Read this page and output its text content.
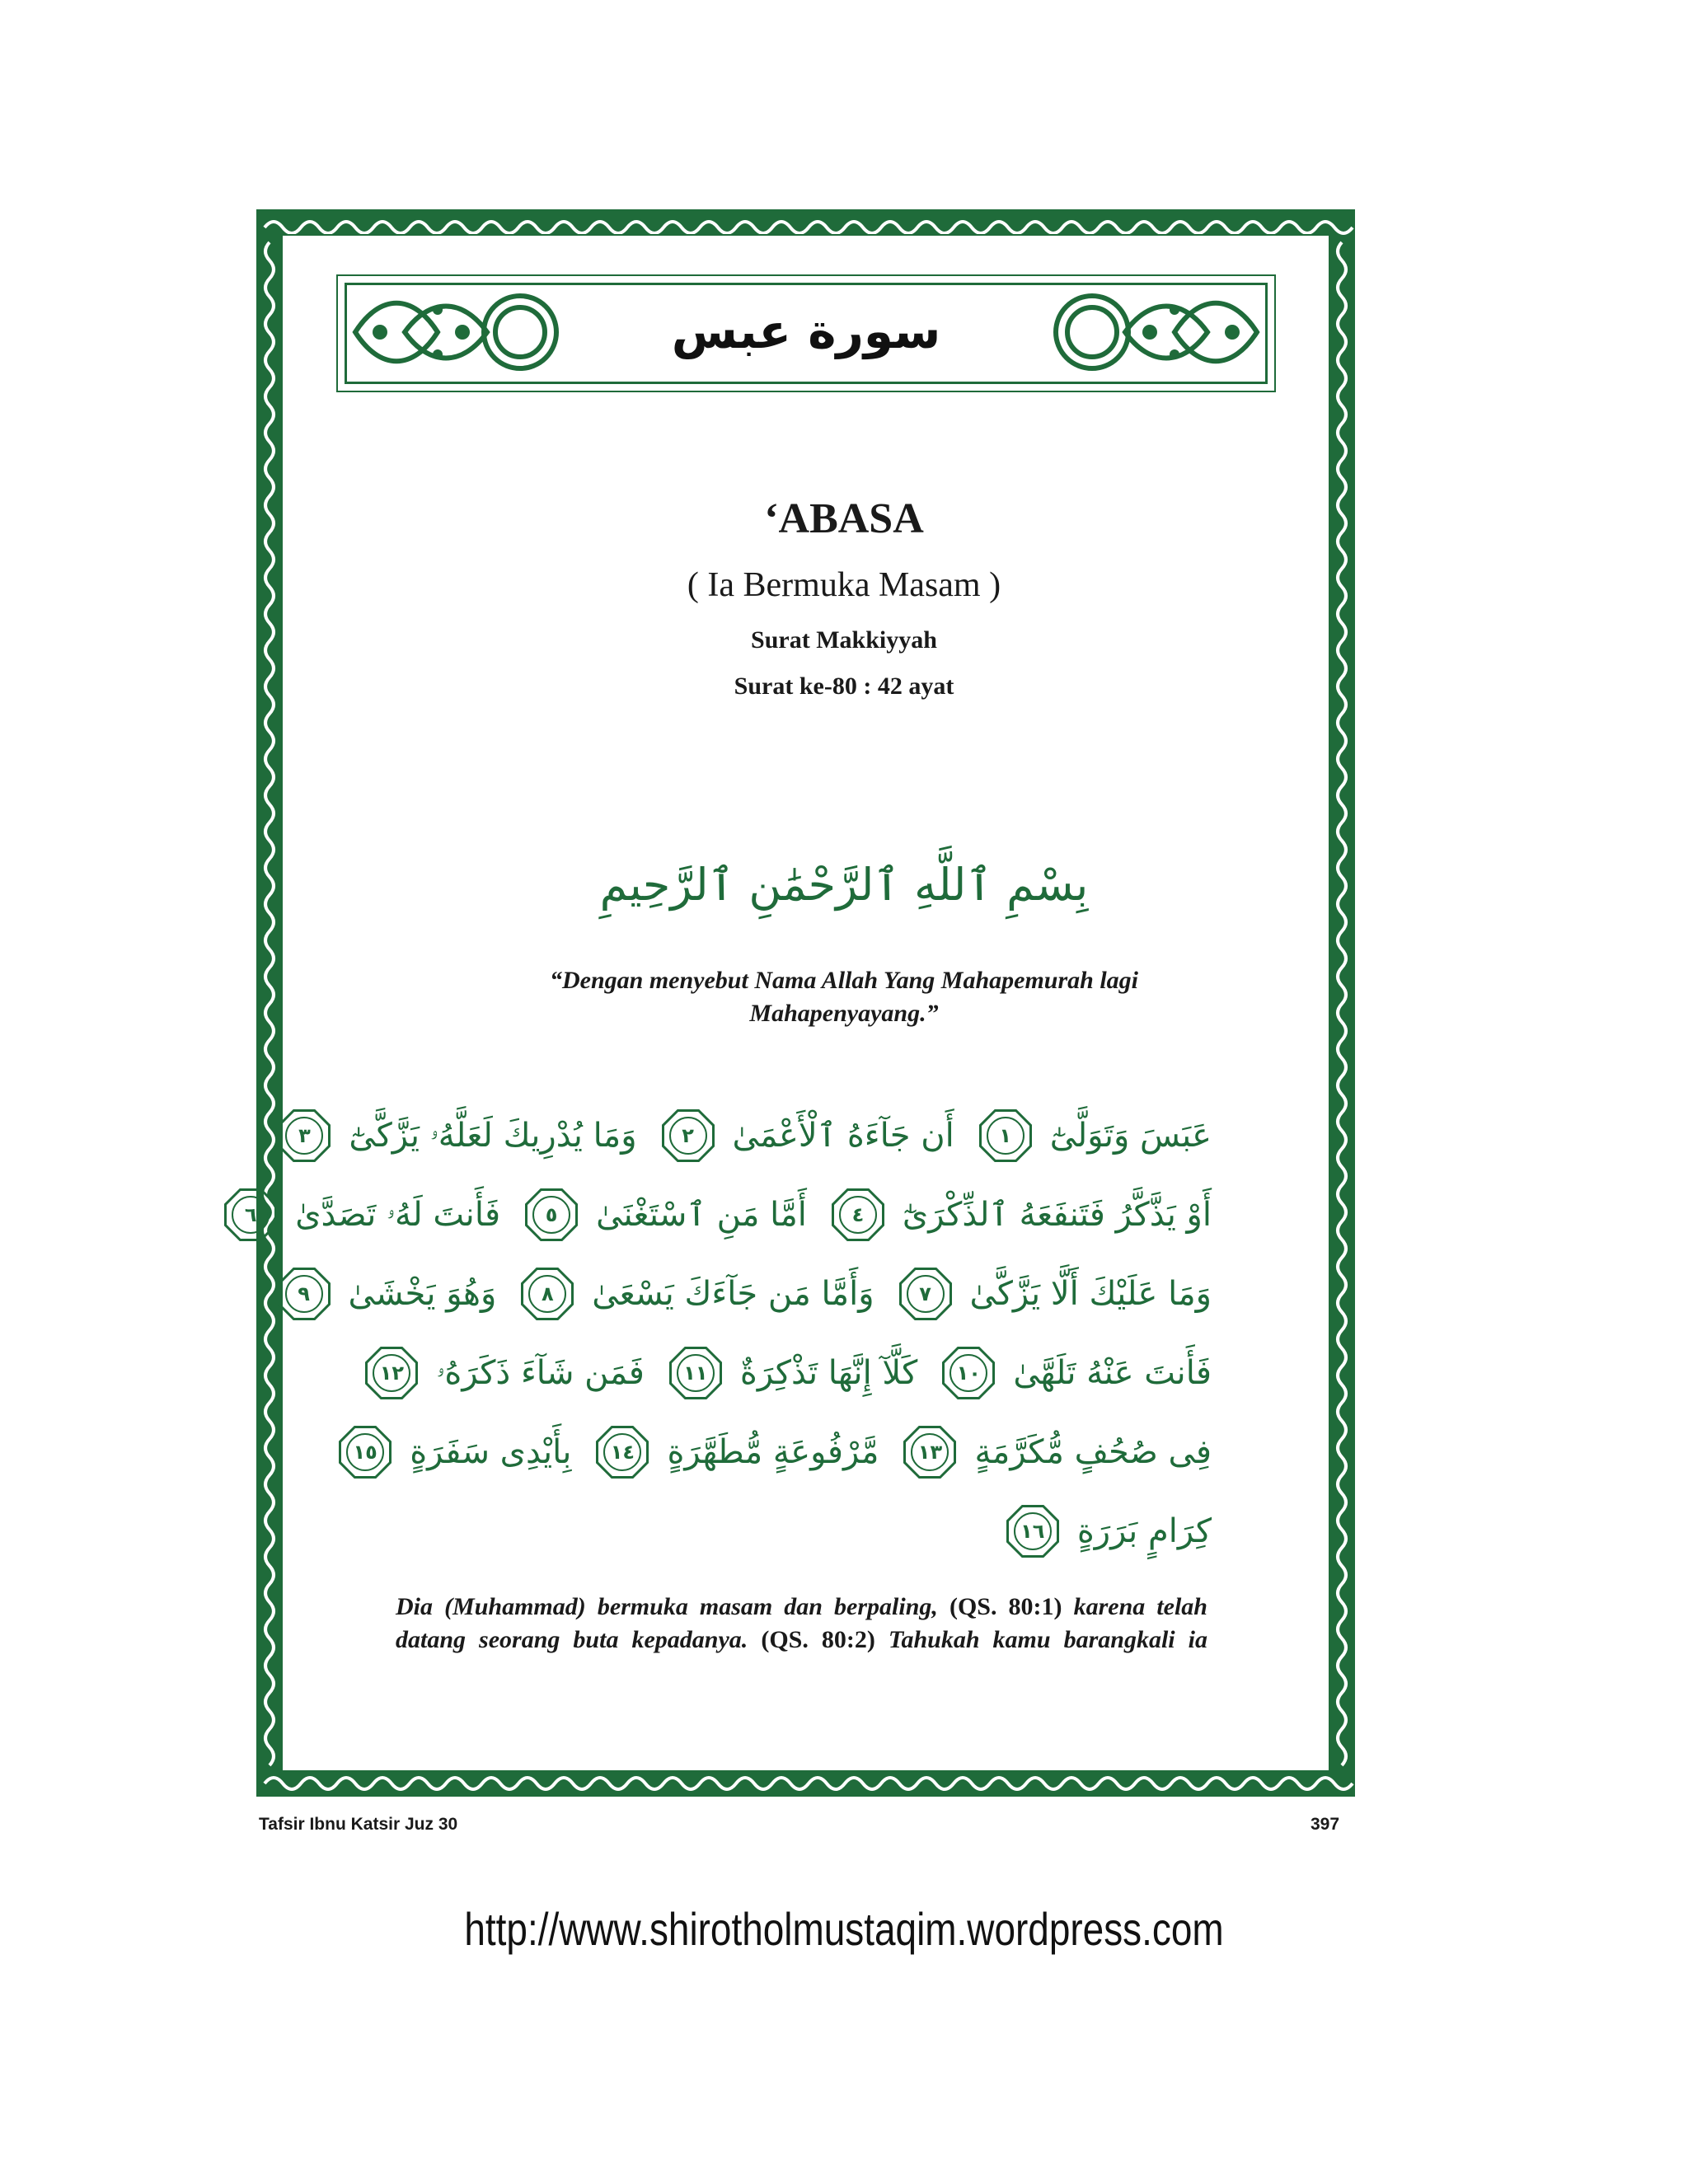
سورة عبس
‘ABASA
( Ia Bermuka Masam )
Surat Makkiyyah
Surat ke-80 : 42 ayat
بِسْمِ ٱللَّهِ ٱلرَّحْمَٰنِ ٱلرَّحِيمِ
“Dengan menyebut Nama Allah Yang Mahapemurah lagi
Mahapenyayang.”
عَبَسَ وَتَوَلَّىٰٓ
١
أَن جَآءَهُ ٱلْأَعْمَىٰ
٢
وَمَا يُدْرِيكَ لَعَلَّهُۥ يَزَّكَّىٰٓ
٣
أَوْ يَذَّكَّرُ فَتَنفَعَهُ ٱلذِّكْرَىٰٓ
٤
أَمَّا مَنِ ٱسْتَغْنَىٰ
٥
فَأَنتَ لَهُۥ تَصَدَّىٰ
٦
وَمَا عَلَيْكَ أَلَّا يَزَّكَّىٰ
٧
وَأَمَّا مَن جَآءَكَ يَسْعَىٰ
٨
وَهُوَ يَخْشَىٰ
٩
فَأَنتَ عَنْهُ تَلَهَّىٰ
١٠
كَلَّآ إِنَّهَا تَذْكِرَةٌ
١١
فَمَن شَآءَ ذَكَرَهُۥ
١٢
فِى صُحُفٍ مُّكَرَّمَةٍ
١٣
مَّرْفُوعَةٍ مُّطَهَّرَةٍ
١٤
بِأَيْدِى سَفَرَةٍ
١٥
كِرَامٍ بَرَرَةٍ
١٦
Dia (Muhammad) bermuka masam dan berpaling, (QS. 80:1) karena telah datang seorang buta kepadanya. (QS. 80:2) Tahukah kamu barangkali ia
Tafsir Ibnu Katsir Juz 30	397
http://www.shirotholmustaqim.wordpress.com
